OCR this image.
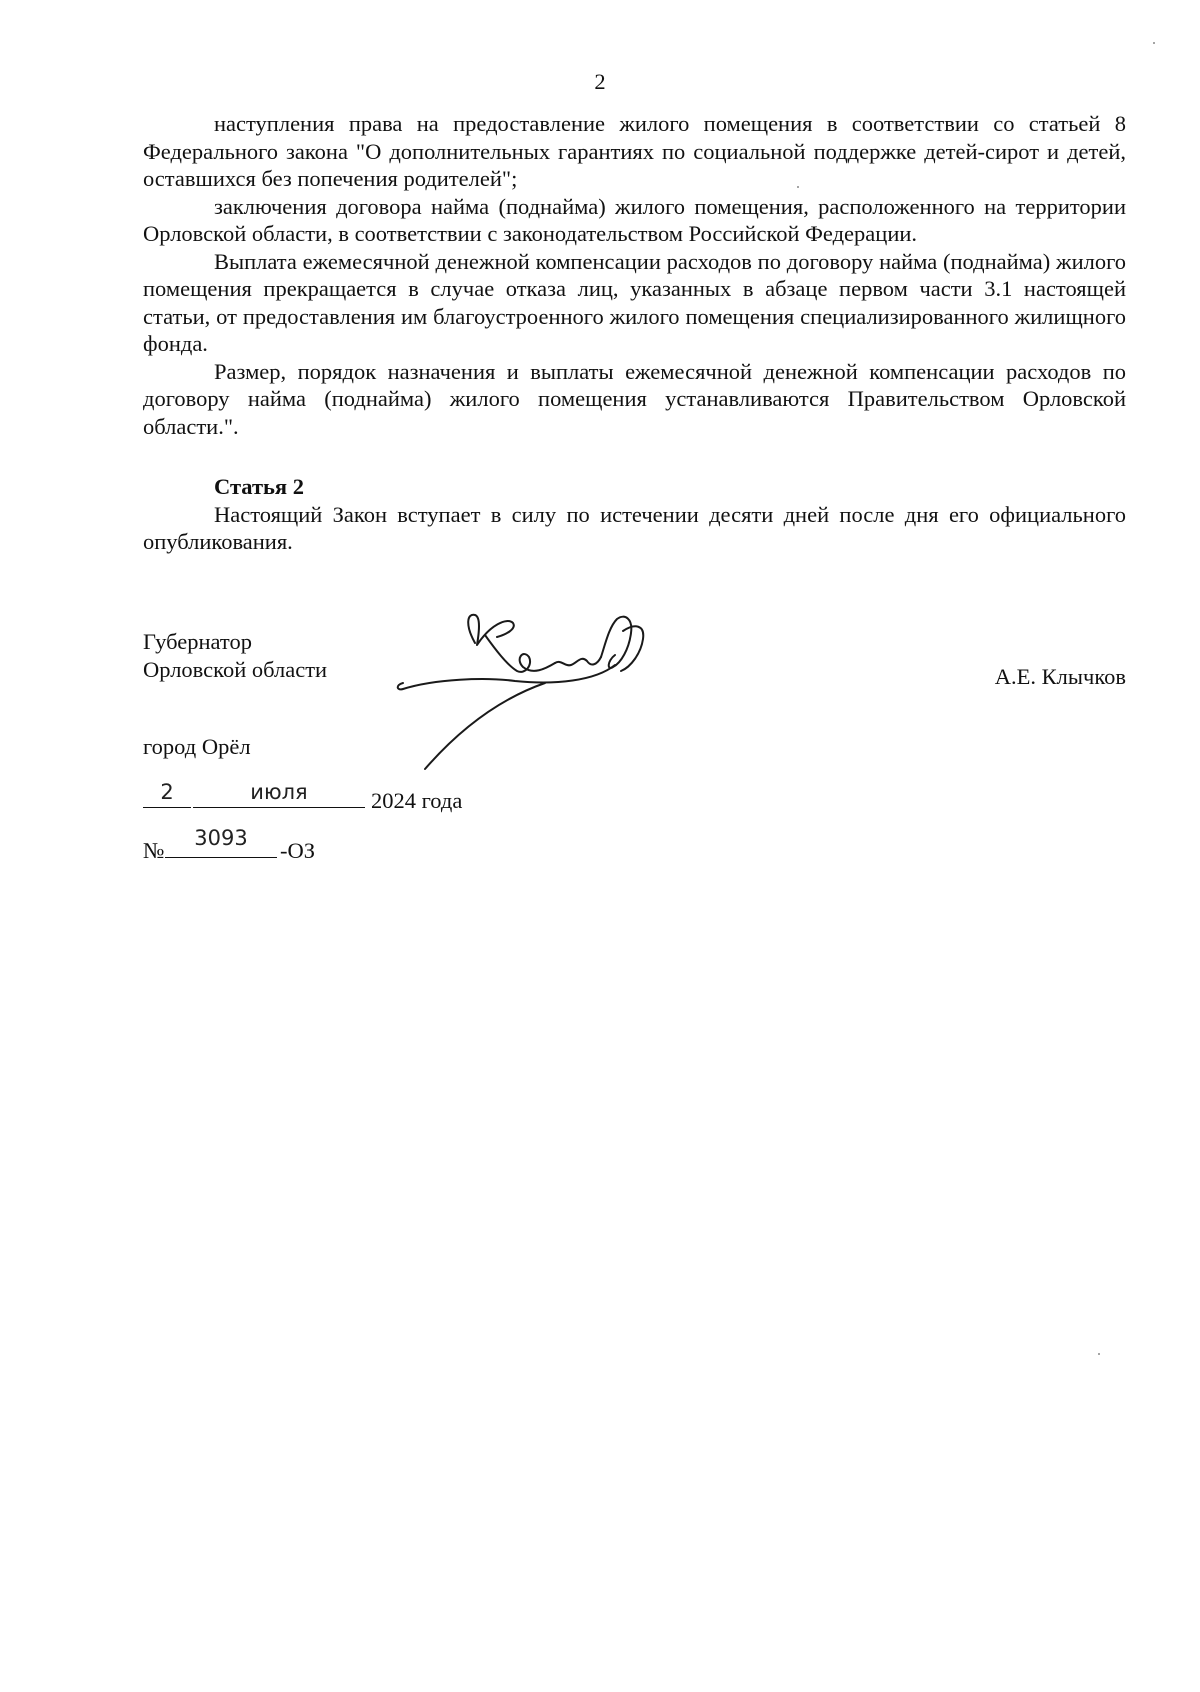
2

наступления права на предоставление жилого помещения в соответствии со статьей 8 Федерального закона "О дополнительных гарантиях по социальной поддержке детей-сирот и детей, оставшихся без попечения родителей";

заключения договора найма (поднайма) жилого помещения, расположенного на территории Орловской области, в соответствии с законодательством Российской Федерации.

Выплата ежемесячной денежной компенсации расходов по договору найма (поднайма) жилого помещения прекращается в случае отказа лиц, указанных в абзаце первом части 3.1 настоящей статьи, от предоставления им благоустроенного жилого помещения специализированного жилищного фонда.

Размер, порядок назначения и выплаты ежемесячной денежной компенсации расходов по договору найма (поднайма) жилого помещения устанавливаются Правительством Орловской области.".

Статья 2

Настоящий Закон вступает в силу по истечении десяти дней после дня его официального опубликования.

Губернатор
Орловской области	А.Е. Клычков
город Орёл
2	июля	2024 года
№	3093	-ОЗ
